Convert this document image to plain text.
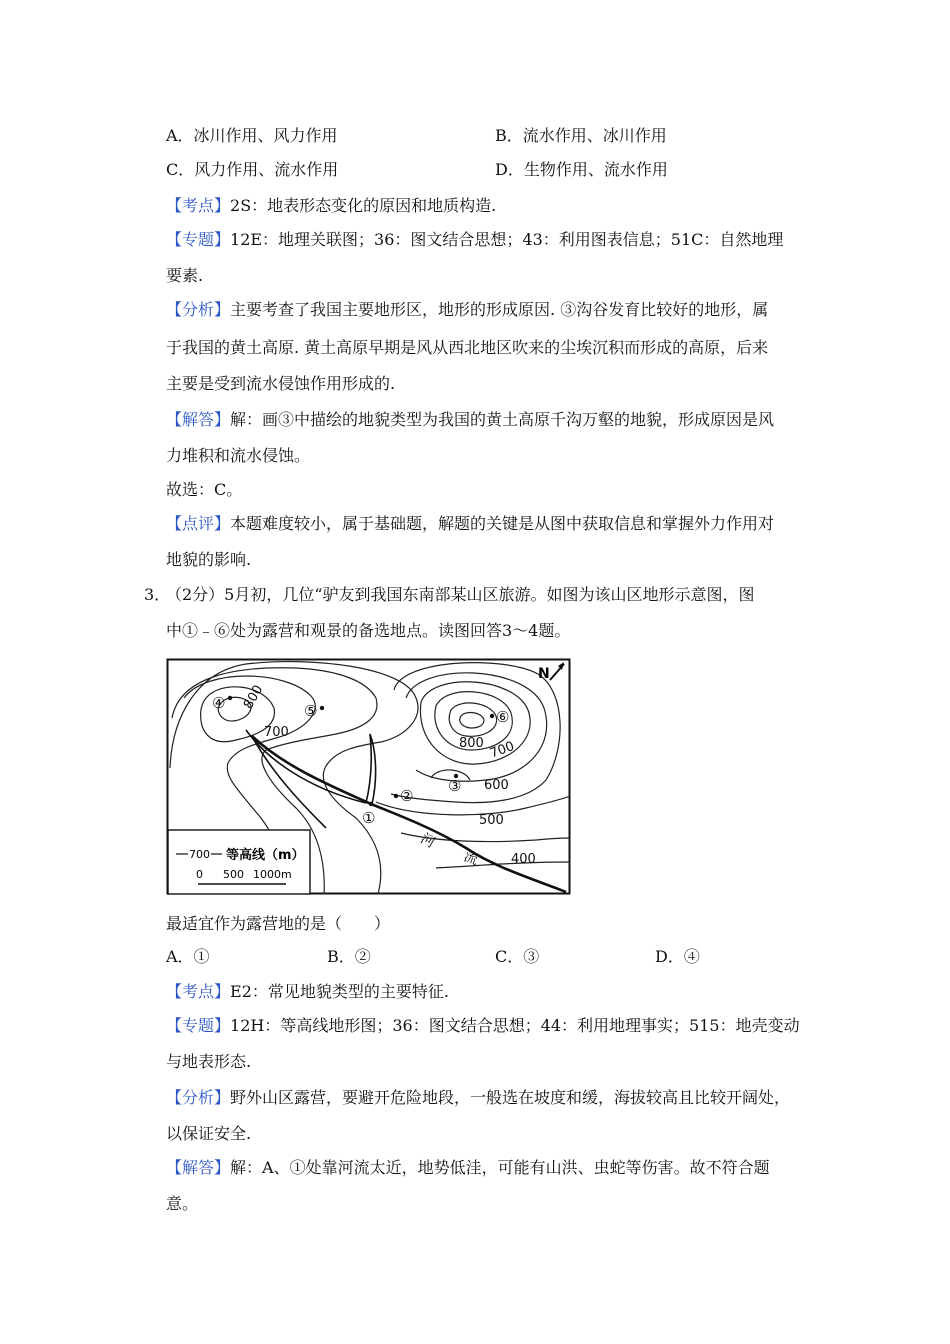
A．冰川作用、风力作用	B．流水作用、冰川作用
C．风力作用、流水作用	D．生物作用、流水作用
【考点】2S：地表形态变化的原因和地质构造.
【专题】12E：地理关联图；36：图文结合思想；43：利用图表信息；51C：自然地理
要素.
【分析】主要考查了我国主要地形区，地形的形成原因. ③沟谷发育比较好的地形，属
于我国的黄土高原. 黄土高原早期是风从西北地区吹来的尘埃沉积而形成的高原，后来
主要是受到流水侵蚀作用形成的.
【解答】解：画③中描绘的地貌类型为我国的黄土高原千沟万壑的地貌，形成原因是风
力堆积和流水侵蚀。
故选：C。
【点评】本题难度较小，属于基础题，解题的关键是从图中获取信息和掌握外力作用对
地貌的影响.
3．
（2分）5月初，几位“驴友到我国东南部某山区旅游。如图为该山区地形示意图，图
中①﹣⑥处为露营和观景的备选地点。读图回答3～4题。
N
800
700
800 700
600
500
400
①
②
③
④	⑤	⑥
河
流
700 等高线（m）
0 500 1000m
最适宜作为露营地的是（　　）
A．①	B．②	C．③	D．④
【考点】E2：常见地貌类型的主要特征.
【专题】12H：等高线地形图；36：图文结合思想；44：利用地理事实；515：地壳变动
与地表形态.
【分析】野外山区露营，要避开危险地段，一般选在坡度和缓，海拔较高且比较开阔处，
以保证安全.
【解答】解：A、①处靠河流太近，地势低洼，可能有山洪、虫蛇等伤害。故不符合题
意。
